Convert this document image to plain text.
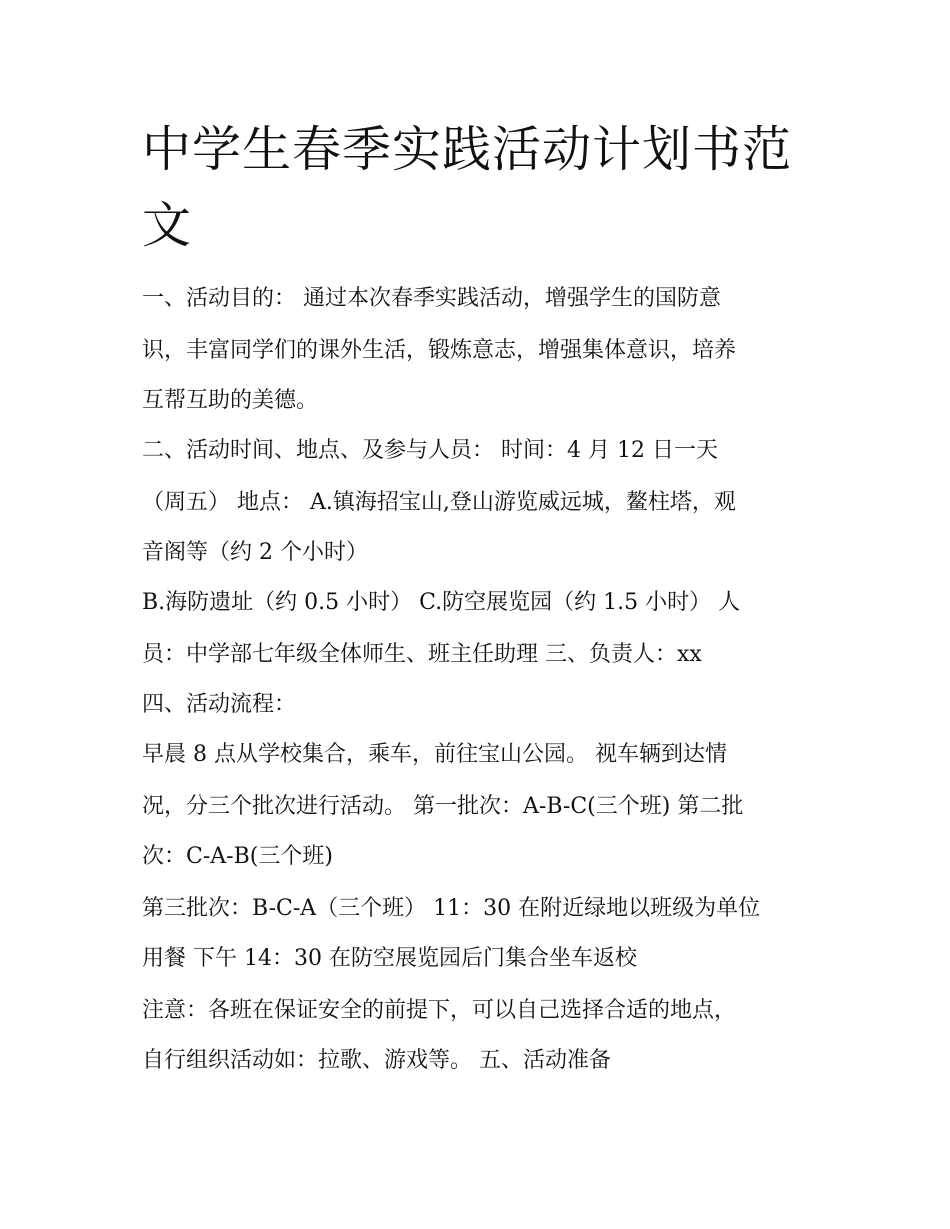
中学生春季实践活动计划书范
文
一、活动目的： 通过本次春季实践活动，增强学生的国防意
识，丰富同学们的课外生活，锻炼意志，增强集体意识，培养
互帮互助的美德。
二、活动时间、地点、及参与人员： 时间：4 月 12 日一天
（周五） 地点： A.镇海招宝山,登山游览威远城，鳌柱塔，观
音阁等（约 2 个小时）
B.海防遗址（约 0.5 小时） C.防空展览园（约 1.5 小时） 人
员：中学部七年级全体师生、班主任助理 三、负责人：xx
四、活动流程：
早晨 8 点从学校集合，乘车，前往宝山公园。 视车辆到达情
况，分三个批次进行活动。 第一批次：A-B-C(三个班) 第二批
次：C-A-B(三个班)
第三批次：B-C-A（三个班） 11：30 在附近绿地以班级为单位
用餐 下午 14：30 在防空展览园后门集合坐车返校
注意：各班在保证安全的前提下，可以自己选择合适的地点，
自行组织活动如：拉歌、游戏等。 五、活动准备
